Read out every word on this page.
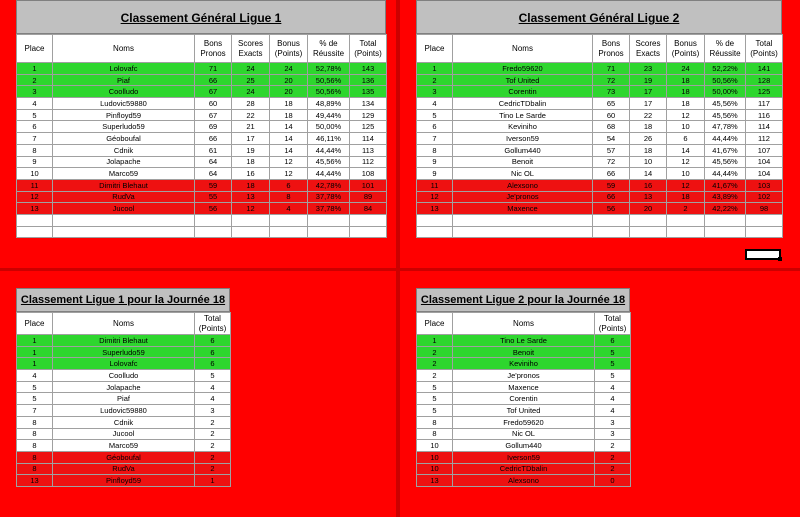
Classement Général Ligue 1
Place	Noms	Bons Pronos	Scores Exacts	Bonus (Points)	% de Réussite	Total (Points)
1	Lolovafc	71	24	24	52,78%	143
2	Piaf	66	25	20	50,56%	136
3	Coolludo	67	24	20	50,56%	135
4	Ludovic59880	60	28	18	48,89%	134
5	Pinfloyd59	67	22	18	49,44%	129
6	Superludo59	69	21	14	50,00%	125
7	Géoboufal	66	17	14	46,11%	114
8	Cdnik	61	19	14	44,44%	113
9	Jolapache	64	18	12	45,56%	112
10	Marco59	64	16	12	44,44%	108
11	Dimitri Blehaut	59	18	6	42,78%	101
12	RudVa	55	13	8	37,78%	89
13	Jucool	56	12	4	37,78%	84

Classement Général Ligue 2
Place	Noms	Bons Pronos	Scores Exacts	Bonus (Points)	% de Réussite	Total (Points)
1	Fredo59620	71	23	24	52,22%	141
2	Tof United	72	19	18	50,56%	128
3	Corentin	73	17	18	50,00%	125
4	CedricTDbalin	65	17	18	45,56%	117
5	Tino Le Sarde	60	22	12	45,56%	116
6	Keviniho	68	18	10	47,78%	114
7	Iverson59	54	26	6	44,44%	112
8	Gollum440	57	18	14	41,67%	107
9	Benoit	72	10	12	45,56%	104
9	Nic OL	66	14	10	44,44%	104
11	Alexsono	59	16	12	41,67%	103
12	Je'pronos	66	13	18	43,89%	102
13	Maxence	56	20	2	42,22%	98

Classement Ligue 1 pour la Journée 18
Place	Noms	Total (Points)
1	Dimitri Blehaut	6
1	Superludo59	6
1	Lolovafc	6
4	Coolludo	5
5	Jolapache	4
5	Piaf	4
7	Ludovic59880	3
8	Cdnik	2
8	Jucool	2
8	Marco59	2
8	Géoboufal	2
8	RudVa	2
13	Pinfloyd59	1
Classement Ligue 2 pour la Journée 18
Place	Noms	Total (Points)
1	Tino Le Sarde	6
2	Benoit	5
2	Keviniho	5
2	Je'pronos	5
5	Maxence	4
5	Corentin	4
5	Tof United	4
8	Fredo59620	3
8	Nic OL	3
10	Gollum440	2
10	Iverson59	2
10	CedricTDbalin	2
13	Alexsono	0
